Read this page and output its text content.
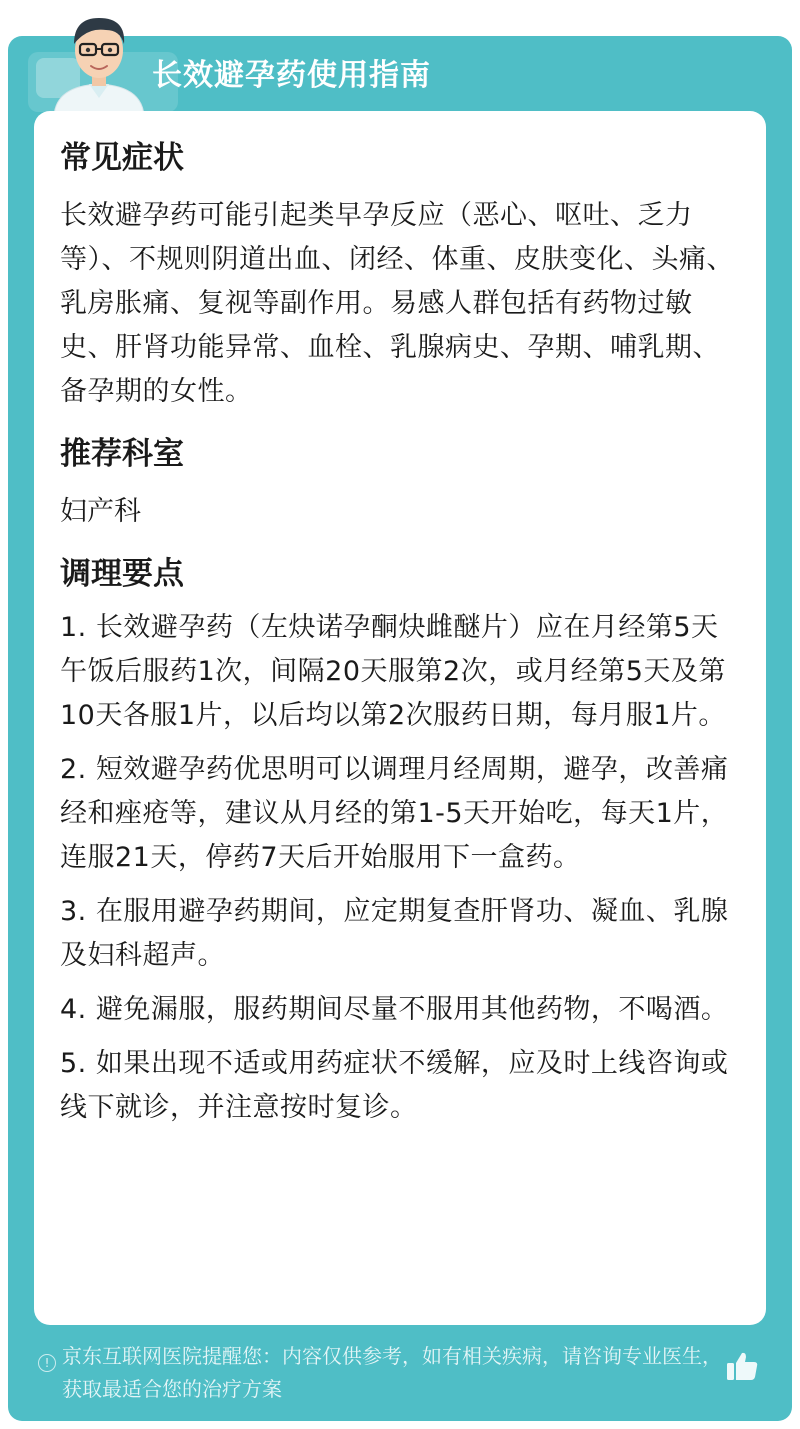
长效避孕药使用指南
常见症状
长效避孕药可能引起类早孕反应（恶心、呕吐、乏力等）、不规则阴道出血、闭经、体重、皮肤变化、头痛、乳房胀痛、复视等副作用。易感人群包括有药物过敏史、肝肾功能异常、血栓、乳腺病史、孕期、哺乳期、备孕期的女性。
推荐科室
妇产科
调理要点
1. 长效避孕药（左炔诺孕酮炔雌醚片）应在月经第5天午饭后服药1次，间隔20天服第2次，或月经第5天及第10天各服1片，以后均以第2次服药日期，每月服1片。
2. 短效避孕药优思明可以调理月经周期，避孕，改善痛经和痤疮等，建议从月经的第1-5天开始吃，每天1片，连服21天，停药7天后开始服用下一盒药。
3. 在服用避孕药期间，应定期复查肝肾功、凝血、乳腺及妇科超声。
4. 避免漏服，服药期间尽量不服用其他药物，不喝酒。
5. 如果出现不适或用药症状不缓解，应及时上线咨询或线下就诊，并注意按时复诊。
! 京东互联网医院提醒您：内容仅供参考，如有相关疾病，请咨询专业医生，获取最适合您的治疗方案
